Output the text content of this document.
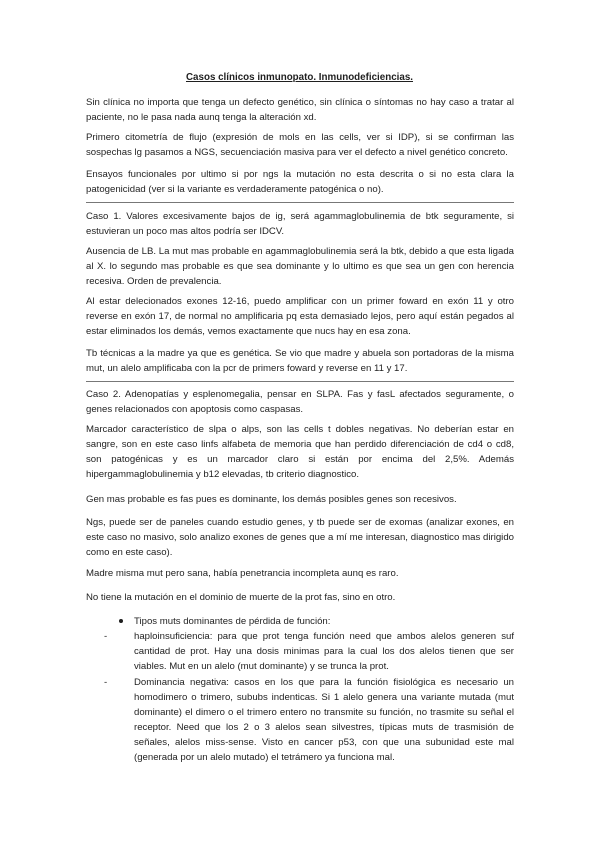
Casos clínicos inmunopato. Inmunodeficiencias.
Sin clínica no importa que tenga un defecto genético, sin clínica o síntomas no hay caso a tratar al paciente, no le pasa nada aunq tenga la alteración xd.
Primero citometría de flujo (expresión de mols en las cells, ver si IDP), si se confirman las sospechas lg pasamos a NGS, secuenciación masiva para ver el defecto a nivel genético concreto.
Ensayos funcionales por ultimo si por ngs la mutación no esta descrita o si no esta clara la patogenicidad (ver si la variante es verdaderamente patogénica o no).
Caso 1. Valores excesivamente bajos de ig, será agammaglobulinemia de btk seguramente, si estuvieran un poco mas altos podría ser IDCV.
Ausencia de LB. La mut mas probable en agammaglobulinemia será la btk, debido a que esta ligada al X. lo segundo mas probable es que sea dominante y lo ultimo es que sea un gen con herencia recesiva. Orden de prevalencia.
Al estar delecionados exones 12-16, puedo amplificar con un primer foward en exón 11 y otro reverse en exón 17, de normal no amplificaria pq esta demasiado lejos, pero aquí están pegados al estar eliminados los demás, vemos exactamente que nucs hay en esa zona.
Tb técnicas a la madre ya que es genética. Se vio que madre y abuela son portadoras de la misma mut, un alelo amplificaba con la pcr de primers foward y reverse en 11 y 17.
Caso 2. Adenopatías y esplenomegalia, pensar en SLPA. Fas y fasL afectados seguramente, o genes relacionados con apoptosis como caspasas.
Marcador característico de slpa o alps, son las cells t dobles negativas. No deberían estar en sangre, son en este caso linfs alfabeta de memoria que han perdido diferenciación de cd4 o cd8, son patogénicas y es un marcador claro si están por encima del 2,5%. Además hipergammaglobulinemia y b12 elevadas, tb criterio diagnostico.
Gen mas probable es fas pues es dominante, los demás posibles genes son recesivos.
Ngs, puede ser de paneles cuando estudio genes, y tb puede ser de exomas (analizar exones, en este caso no masivo, solo analizo exones de genes que a mí me interesan, diagnostico mas dirigido como en este caso).
Madre misma mut pero sana, había penetrancia incompleta aunq es raro.
No tiene la mutación en el dominio de muerte de la prot fas, sino en otro.
Tipos muts dominantes de pérdida de función:
-	haploinsuficiencia: para que prot tenga función need que ambos alelos generen suf cantidad de prot. Hay una dosis minimas para la cual los dos alelos tienen que ser viables. Mut en un alelo (mut dominante) y se trunca la prot.
-	Dominancia negativa: casos en los que para la función fisiológica es necesario un homodimero o trimero, sububs indenticas. Si 1 alelo genera una variante mutada (mut dominante) el dimero o el trimero entero no transmite su función, no trasmite su señal el receptor. Need que los 2 o 3 alelos sean silvestres, típicas muts de trasmisión de señales, alelos miss-sense. Visto en cancer p53, con que una subunidad este mal (generada por un alelo mutado) el tetrámero ya funciona mal.
